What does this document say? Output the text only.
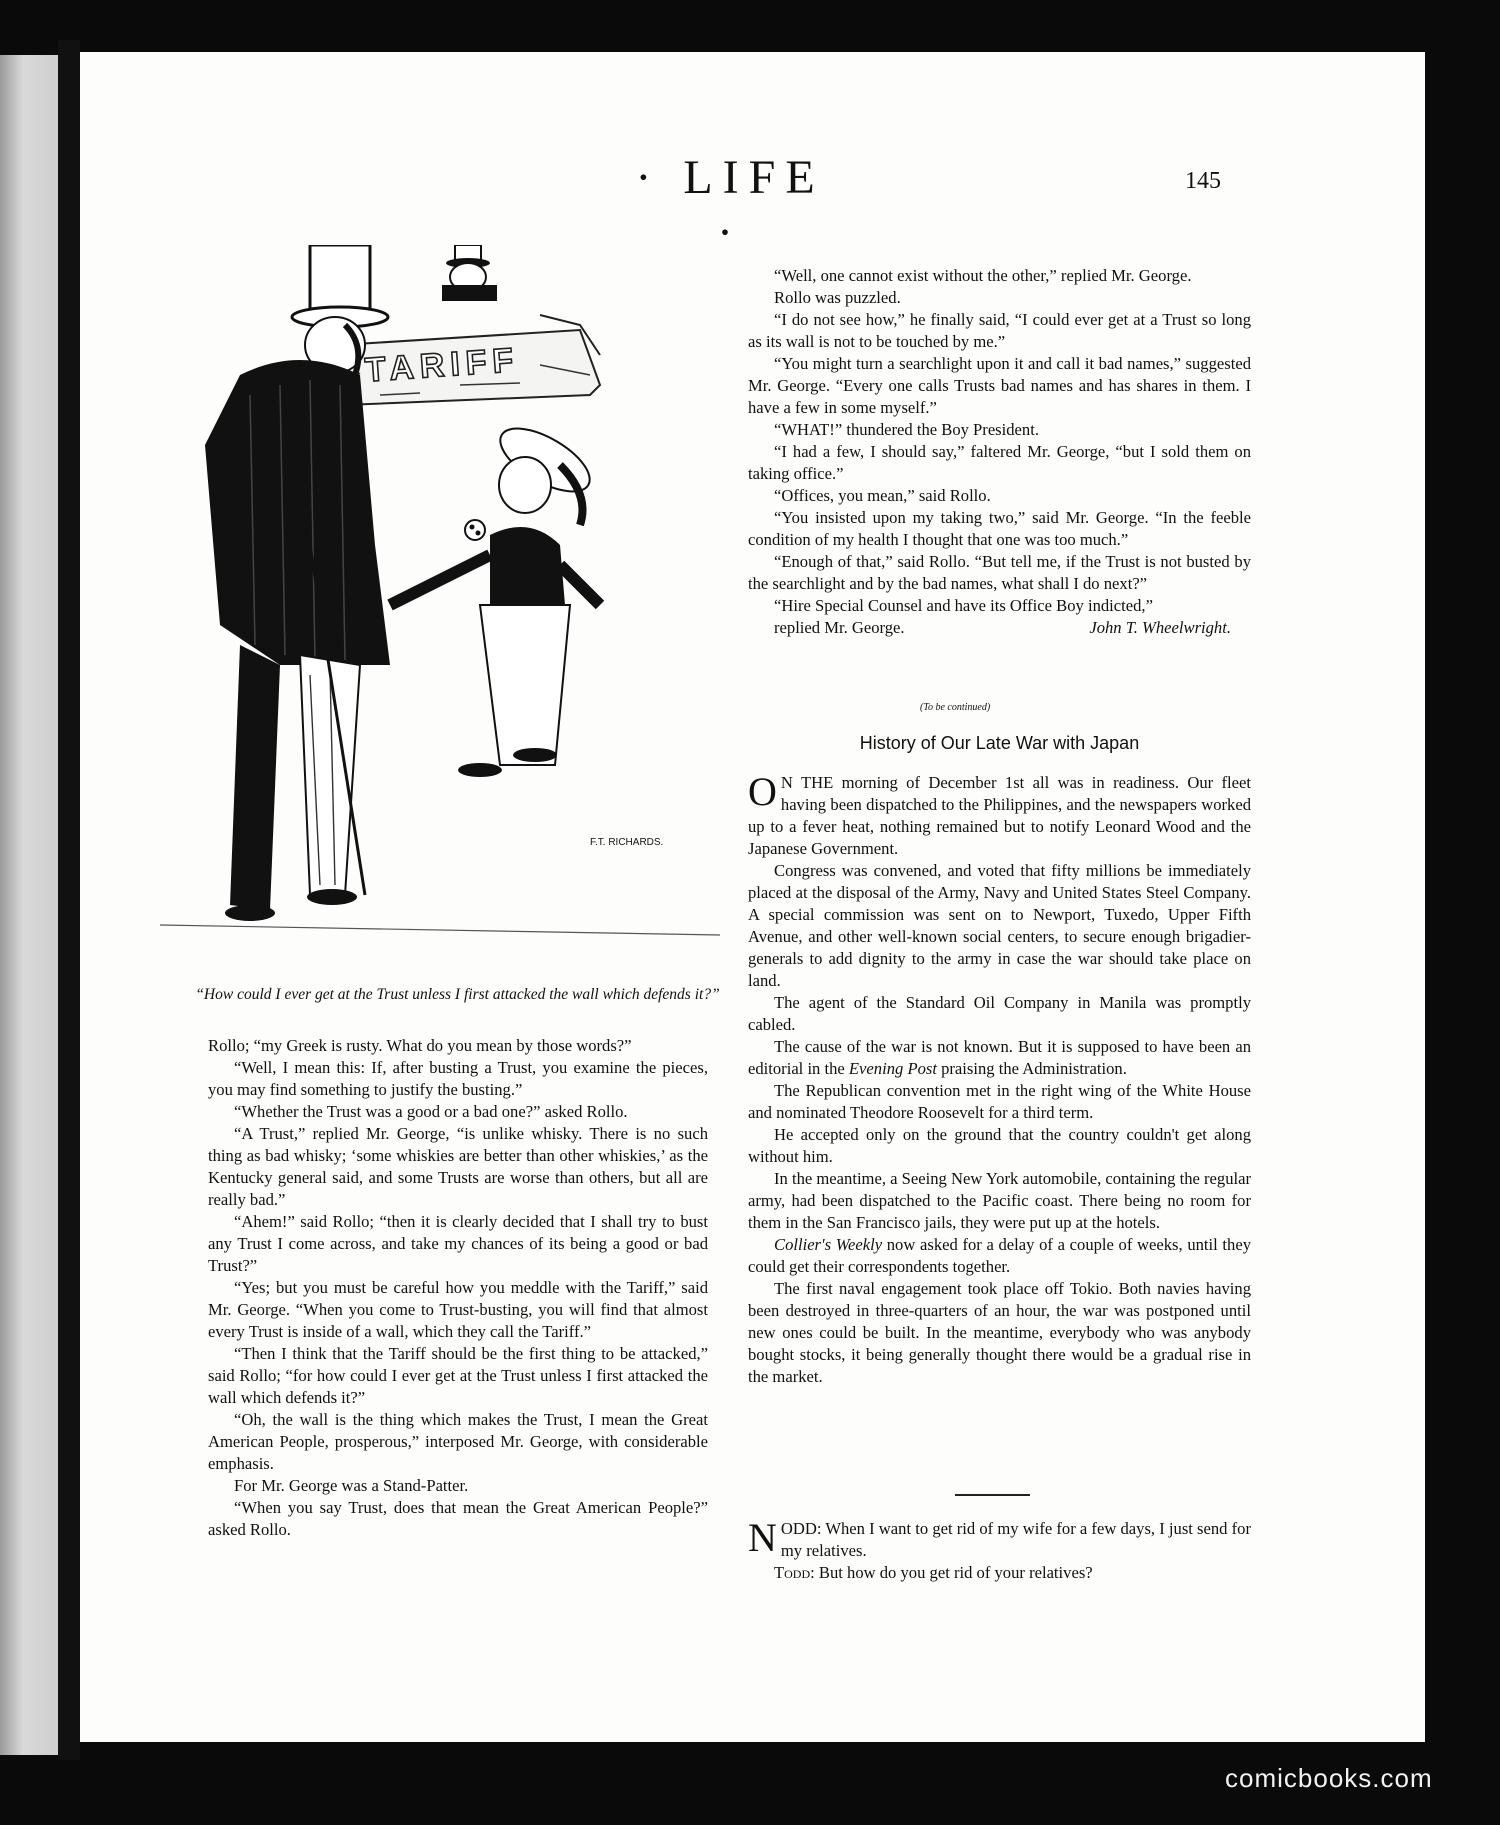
· LIFE ·
145
TARIFF
F.T. RICHARDS.
“How could I ever get at the Trust unless I first attacked the wall which defends it?”

Rollo; “my Greek is rusty. What do you mean by those words?”

“Well, I mean this: If, after busting a Trust, you examine the pieces, you may find something to justify the busting.”

“Whether the Trust was a good or a bad one?” asked Rollo.

“A Trust,” replied Mr. George, “is unlike whisky. There is no such thing as bad whisky; ‘some whiskies are better than other whiskies,’ as the Kentucky general said, and some Trusts are worse than others, but all are really bad.”

“Ahem!” said Rollo; “then it is clearly decided that I shall try to bust any Trust I come across, and take my chances of its being a good or bad Trust?”

“Yes; but you must be careful how you meddle with the Tariff,” said Mr. George. “When you come to Trust-busting, you will find that almost every Trust is inside of a wall, which they call the Tariff.”

“Then I think that the Tariff should be the first thing to be attacked,” said Rollo; “for how could I ever get at the Trust unless I first attacked the wall which defends it?”

“Oh, the wall is the thing which makes the Trust, I mean the Great American People, prosperous,” interposed Mr. George, with considerable emphasis.

For Mr. George was a Stand-Patter.

“When you say Trust, does that mean the Great American People?” asked Rollo.

“Well, one cannot exist without the other,” replied Mr. George.

Rollo was puzzled.

“I do not see how,” he finally said, “I could ever get at a Trust so long as its wall is not to be touched by me.”

“You might turn a searchlight upon it and call it bad names,” suggested Mr. George. “Every one calls Trusts bad names and has shares in them. I have a few in some myself.”

“WHAT!” thundered the Boy President.

“I had a few, I should say,” faltered Mr. George, “but I sold them on taking office.”

“Offices, you mean,” said Rollo.

“You insisted upon my taking two,” said Mr. George. “In the feeble condition of my health I thought that one was too much.”

“Enough of that,” said Rollo. “But tell me, if the Trust is not busted by the searchlight and by the bad names, what shall I do next?”

“Hire Special Counsel and have its Office Boy indicted,”

replied Mr. George.	John T. Wheelwright.

(To be continued)
History of Our Late War with Japan

O N THE morning of December 1st all was in readiness. Our fleet having been dispatched to the Philippines, and the newspapers worked up to a fever heat, nothing remained but to notify Leonard Wood and the Japanese Government.

Congress was convened, and voted that fifty millions be immediately placed at the disposal of the Army, Navy and United States Steel Company. A special commission was sent on to Newport, Tuxedo, Upper Fifth Avenue, and other well-known social centers, to secure enough brigadier-generals to add dignity to the army in case the war should take place on land.

The agent of the Standard Oil Company in Manila was promptly cabled.

The cause of the war is not known. But it is supposed to have been an editorial in the Evening Post praising the Administration.

The Republican convention met in the right wing of the White House and nominated Theodore Roosevelt for a third term.

He accepted only on the ground that the country couldn't get along without him.

In the meantime, a Seeing New York automobile, containing the regular army, had been dispatched to the Pacific coast. There being no room for them in the San Francisco jails, they were put up at the hotels.

Collier's Weekly now asked for a delay of a couple of weeks, until they could get their correspondents together.

The first naval engagement took place off Tokio. Both navies having been destroyed in three-quarters of an hour, the war was postponed until new ones could be built. In the meantime, everybody who was anybody bought stocks, it being generally thought there would be a gradual rise in the market.

NODD: When I want to get rid of my wife for a few days, I just send for my relatives.

Todd: But how do you get rid of your relatives?

comicbooks.com
